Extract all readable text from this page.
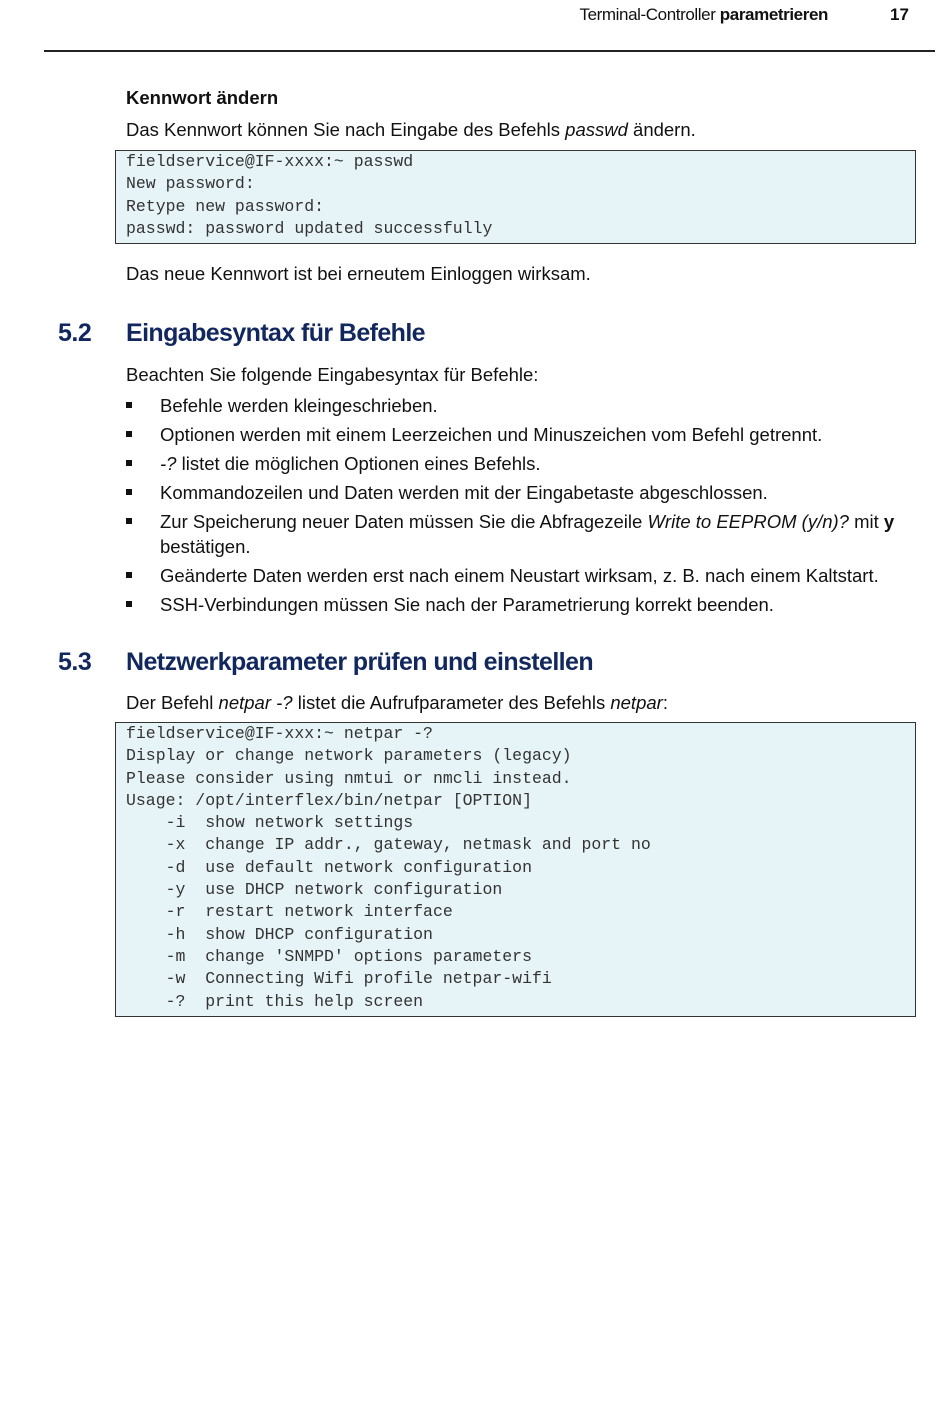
Terminal-Controller parametrieren	17
Kennwort ändern
Das Kennwort können Sie nach Eingabe des Befehls passwd ändern.
fieldservice@IF-xxxx:~ passwd
New password:
Retype new password:
passwd: password updated successfully
Das neue Kennwort ist bei erneutem Einloggen wirksam.
5.2 Eingabesyntax für Befehle
Beachten Sie folgende Eingabesyntax für Befehle:
Befehle werden kleingeschrieben.
Optionen werden mit einem Leerzeichen und Minuszeichen vom Befehl getrennt.
-? listet die möglichen Optionen eines Befehls.
Kommandozeilen und Daten werden mit der Eingabetaste abgeschlossen.
Zur Speicherung neuer Daten müssen Sie die Abfragezeile Write to EEPROM (y/n)? mit y bestätigen.
Geänderte Daten werden erst nach einem Neustart wirksam, z. B. nach einem Kaltstart.
SSH-Verbindungen müssen Sie nach der Parametrierung korrekt beenden.
5.3 Netzwerkparameter prüfen und einstellen
Der Befehl netpar -? listet die Aufrufparameter des Befehls netpar:
fieldservice@IF-xxx:~ netpar -?
Display or change network parameters (legacy)
Please consider using nmtui or nmcli instead.
Usage: /opt/interflex/bin/netpar [OPTION]
-i  show network settings
-x  change IP addr., gateway, netmask and port no
-d  use default network configuration
-y  use DHCP network configuration
-r  restart network interface
-h  show DHCP configuration
-m  change 'SNMPD' options parameters
-w  Connecting Wifi profile netpar-wifi
-?  print this help screen
